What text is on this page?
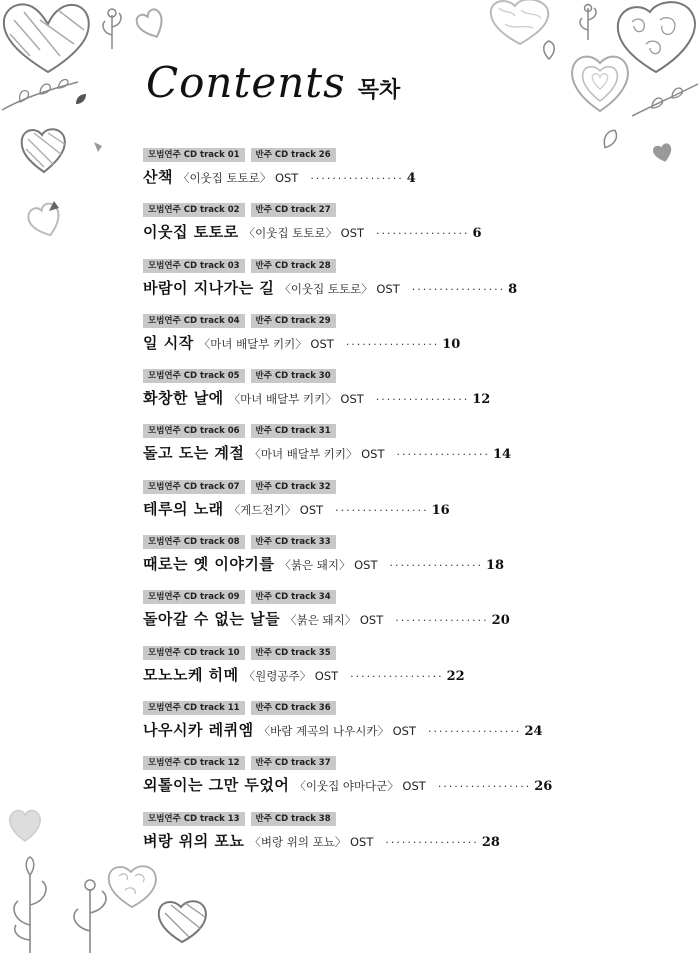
Contents 목차
모범연주 CD track 01	반주 CD track 26
산책 〈이웃집 토토로〉 OST ················· 4
모범연주 CD track 02	반주 CD track 27
이웃집 토토로 〈이웃집 토토로〉 OST ················· 6
모범연주 CD track 03	반주 CD track 28
바람이 지나가는 길 〈이웃집 토토로〉 OST ················· 8
모범연주 CD track 04	반주 CD track 29
일 시작 〈마녀 배달부 키키〉 OST ················· 10
모범연주 CD track 05	반주 CD track 30
화창한 날에 〈마녀 배달부 키키〉 OST ················· 12
모범연주 CD track 06	반주 CD track 31
돌고 도는 계절 〈마녀 배달부 키키〉 OST ················· 14
모범연주 CD track 07	반주 CD track 32
테루의 노래 〈게드전기〉 OST ················· 16
모범연주 CD track 08	반주 CD track 33
때로는 옛 이야기를 〈붉은 돼지〉 OST ················· 18
모범연주 CD track 09	반주 CD track 34
돌아갈 수 없는 날들 〈붉은 돼지〉 OST ················· 20
모범연주 CD track 10	반주 CD track 35
모노노케 히메 〈원령공주〉 OST ················· 22
모범연주 CD track 11	반주 CD track 36
나우시카 레퀴엠 〈바람 계곡의 나우시카〉 OST ················· 24
모범연주 CD track 12	반주 CD track 37
외톨이는 그만 두었어 〈이웃집 야마다군〉 OST ················· 26
모범연주 CD track 13	반주 CD track 38
벼랑 위의 포뇨 〈벼랑 위의 포뇨〉 OST ················· 28
